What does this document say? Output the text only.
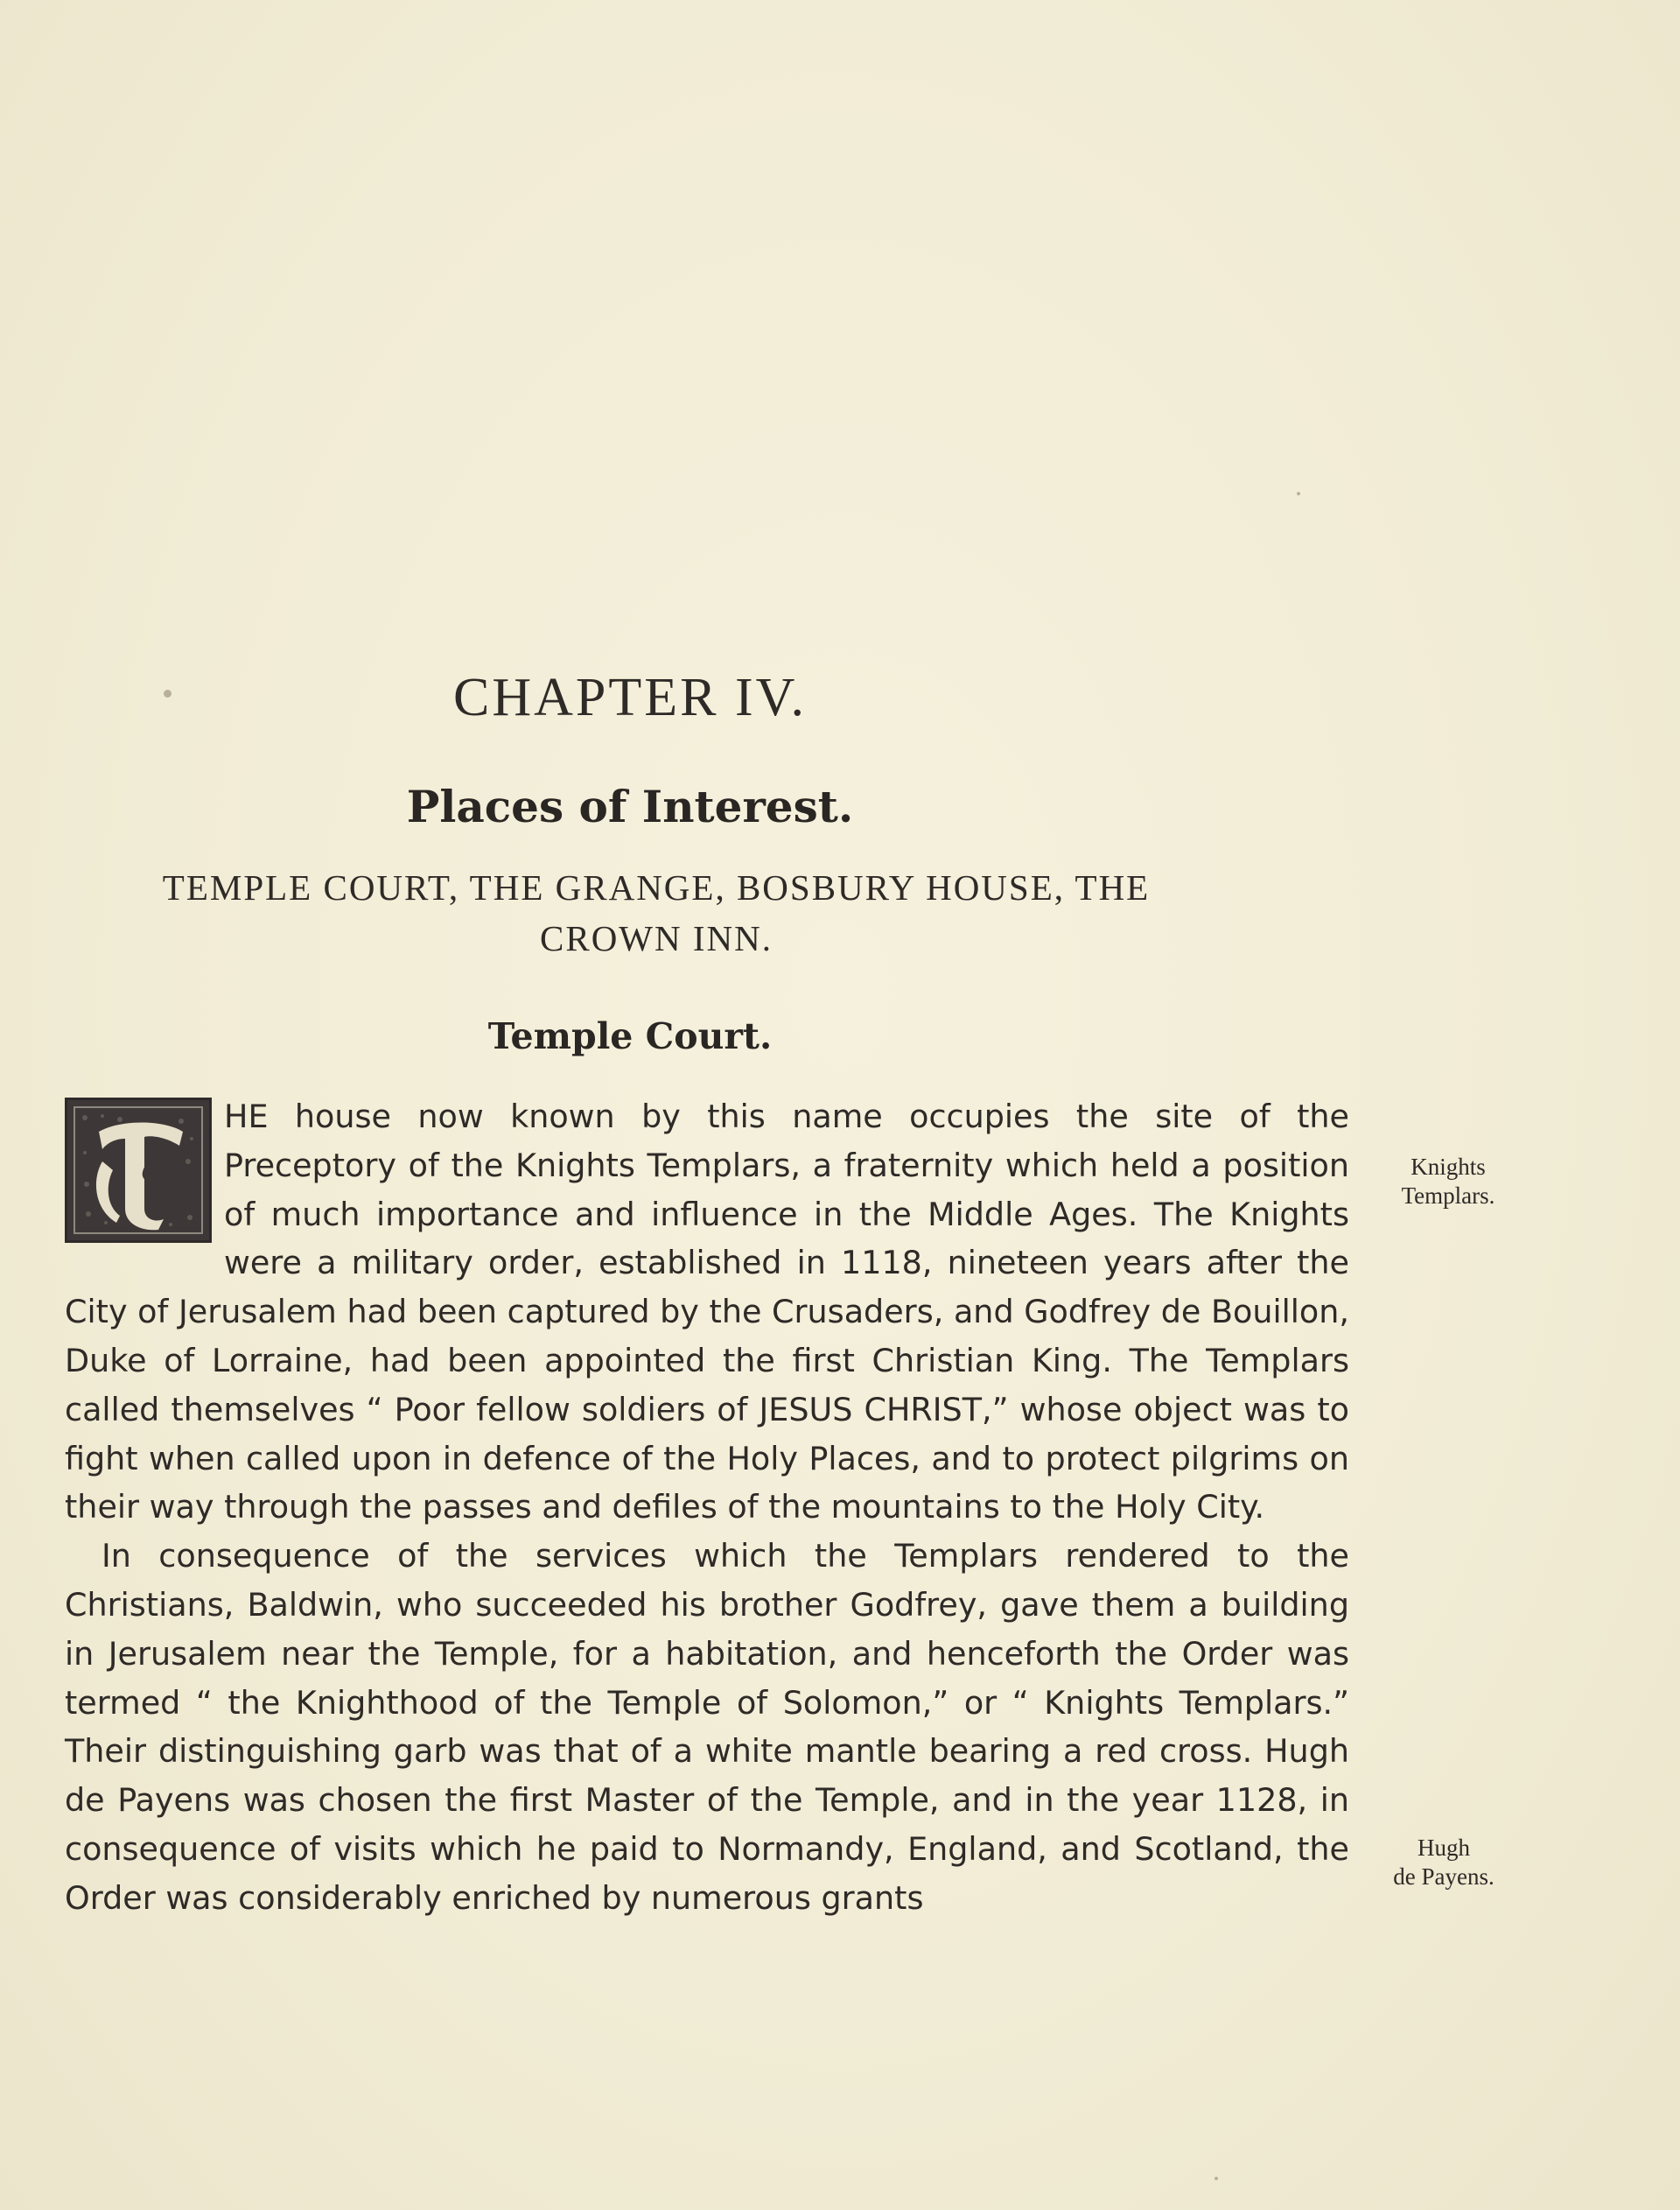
CHAPTER IV.
Places of Interest.
TEMPLE COURT, THE GRANGE, BOSBURY HOUSE, THE
CROWN INN.
Temple Court.

HE house now known by this name occupies the site of the Preceptory of the Knights Templars, a fraternity which held a position of much importance and influence in the Middle Ages. The Knights were a military order, established in 1118, nineteen years after the City of Jerusalem had been captured by the Crusaders, and Godfrey de Bouillon, Duke of Lorraine, had been appointed the first Christian King. The Templars called themselves “ Poor fellow soldiers of JESUS CHRIST,” whose object was to fight when called upon in defence of the Holy Places, and to protect pilgrims on their way through the passes and defiles of the mountains to the Holy City.

In consequence of the services which the Templars rendered to the Christians, Baldwin, who succeeded his brother Godfrey, gave them a building in Jerusalem near the Temple, for a habitation, and henceforth the Order was termed “ the Knighthood of the Temple of Solomon,” or “ Knights Templars.” Their distinguishing garb was that of a white mantle bearing a red cross. Hugh de Payens was chosen the first Master of the Temple, and in the year 1128, in consequence of visits which he paid to Normandy, England, and Scotland, the Order was considerably enriched by numerous grants

Knights
Templars.
Hugh
de Payens.
